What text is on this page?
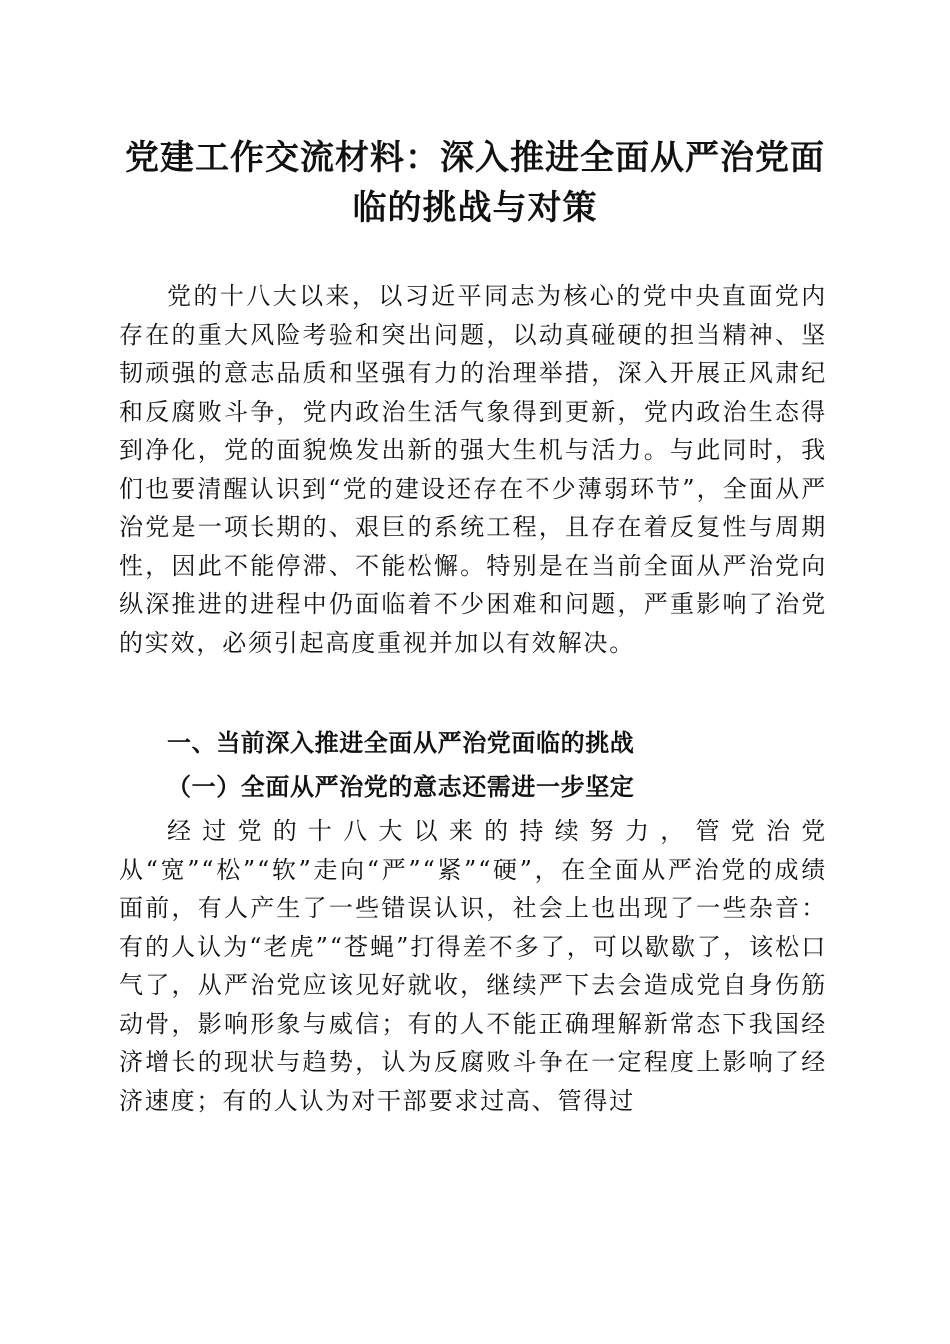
党建工作交流材料：深入推进全面从严治党面
临的挑战与对策

党的十八大以来，以习近平同志为核心的党中央直面党内存在的重大风险考验和突出问题，以动真碰硬的担当精神、坚韧顽强的意志品质和坚强有力的治理举措，深入开展正风肃纪和反腐败斗争，党内政治生活气象得到更新，党内政治生态得到净化，党的面貌焕发出新的强大生机与活力。与此同时，我们也要清醒认识到“党的建设还存在不少薄弱环节”，全面从严治党是一项长期的、艰巨的系统工程，且存在着反复性与周期性，因此不能停滞、不能松懈。特别是在当前全面从严治党向纵深推进的进程中仍面临着不少困难和问题，严重影响了治党的实效，必须引起高度重视并加以有效解决。

一、当前深入推进全面从严治党面临的挑战
（一）全面从严治党的意志还需进一步坚定

经过党的十八大以来的持续努力，管党治党从“宽”“松”“软”走向“严”“紧”“硬”，在全面从严治党的成绩面前，有人产生了一些错误认识，社会上也出现了一些杂音：有的人认为“老虎”“苍蝇”打得差不多了，可以歇歇了，该松口气了，从严治党应该见好就收，继续严下去会造成党自身伤筋动骨，影响形象与威信；有的人不能正确理解新常态下我国经济增长的现状与趋势，认为反腐败斗争在一定程度上影响了经济速度；有的人认为对干部要求过高、管得过
